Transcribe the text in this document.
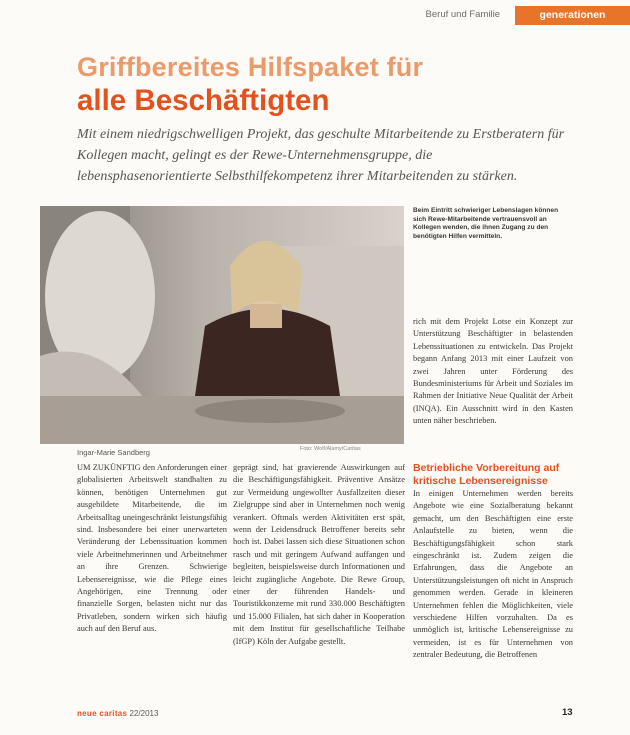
Beruf und Familie	generationen
Griffbereites Hilfspaket für
alle Beschäftigten
Mit einem niedrigschwelligen Projekt, das geschulte Mitarbeitende zu Erstberatern für Kollegen macht, gelingt es der Rewe-Unternehmensgruppe, die lebensphasenorientierte Selbsthilfekompetenz ihrer Mitarbeitenden zu stärken.
Foto: Wolf/Alamy/Caritas
Beim Eintritt schwieriger Lebenslagen können sich Rewe-Mitarbeitende vertrauensvoll an Kollegen wenden, die ihnen Zugang zu den benötigten Hilfen vermitteln.
Ingar-Marie Sandberg

UM ZUKÜNFTIG den Anforderungen einer globalisierten Arbeitswelt standhalten zu können, benötigen Unternehmen gut ausgebildete Mitarbeitende, die im Arbeitsalltag uneingeschränkt leistungsfähig sind. Insbesondere bei einer unerwarteten Veränderung der Lebenssituation kommen viele Arbeitnehmerinnen und Arbeitnehmer an ihre Grenzen. Schwierige Lebensereignisse, wie die Pflege eines Angehörigen, eine Trennung oder finanzielle Sorgen, belasten nicht nur das Privatleben, sondern wirken sich häufig auch auf den Beruf aus.

geprägt sind, hat gravierende Auswirkungen auf die Beschäftigungsfähigkeit. Präventive Ansätze zur Vermeidung ungewollter Ausfallzeiten dieser Zielgruppe sind aber in Unternehmen noch wenig verankert. Oftmals werden Aktivitäten erst spät, wenn der Leidensdruck Betroffener bereits sehr hoch ist. Dabei lassen sich diese Situationen schon rasch und mit geringem Aufwand auffangen und begleiten, beispielsweise durch Informationen und leicht zugängliche Angebote. Die Rewe Group, einer der führenden Handels- und Touristikkonzerne mit rund 330.000 Beschäftigten und 15.000 Filialen, hat sich daher in Kooperation mit dem Institut für gesellschaftliche Teilhabe (IfGP) Köln der Aufgabe gestellt.

rich mit dem Projekt Lotse ein Konzept zur Unterstützung Beschäftigter in belastenden Lebenssituationen zu entwickeln. Das Projekt begann Anfang 2013 mit einer Laufzeit von zwei Jahren unter Förderung des Bundesministeriums für Arbeit und Soziales im Rahmen der Initiative Neue Qualität der Arbeit (INQA). Ein Ausschnitt wird in den Kasten unten näher beschrieben.

Betriebliche Vorbereitung auf kritische Lebensereignisse

In einigen Unternehmen werden bereits Angebote wie eine Sozialberatung bekannt gemacht, um den Beschäftigten eine erste Anlaufstelle zu bieten, wenn die Beschäftigungsfähigkeit schon stark eingeschränkt ist. Zudem zeigen die Erfahrungen, dass die Angebote an Unterstützungsleistungen oft nicht in Anspruch genommen werden. Gerade in kleineren Unternehmen fehlen die Möglichkeiten, viele verschiedene Hilfen vorzuhalten. Da es unmöglich ist, kritische Lebensereignisse zu vermeiden, ist es für Unternehmen von zentraler Bedeutung, die Betroffenen

neue caritas 22/2013	13
